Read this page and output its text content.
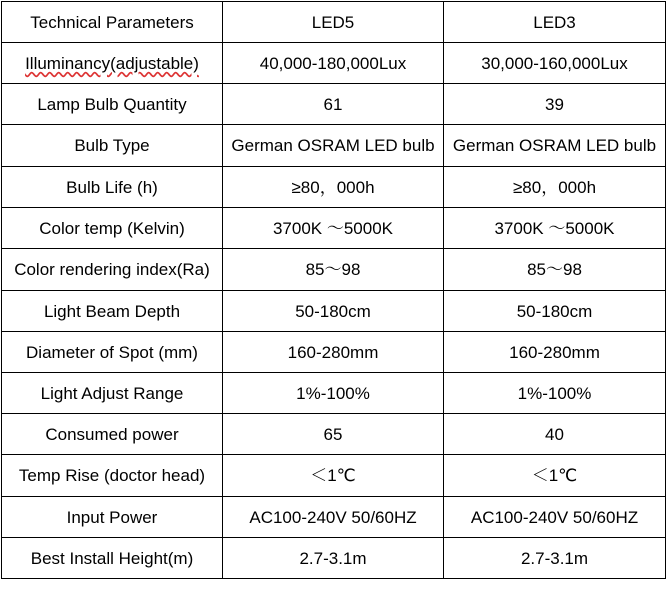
Technical Parameters	LED5	LED3
Illuminancy(adjustable)	40,000-180,000Lux	30,000-160,000Lux
Lamp Bulb Quantity	61	39
Bulb Type	German OSRAM LED bulb	German OSRAM LED bulb
Bulb Life (h)	≥80，000h	≥80，000h
Color temp (Kelvin)	3700K ～5000K	3700K ～5000K
Color rendering index(Ra)	85～98	85～98
Light Beam Depth	50-180cm	50-180cm
Diameter of Spot (mm)	160-280mm	160-280mm
Light Adjust Range	1%-100%	1%-100%
Consumed power	65	40
Temp Rise (doctor head)	＜1℃	＜1℃
Input Power	AC100-240V 50/60HZ	AC100-240V 50/60HZ
Best Install Height(m)	2.7-3.1m	2.7-3.1m
